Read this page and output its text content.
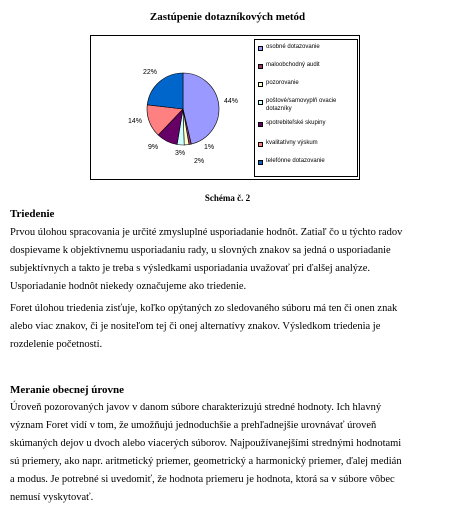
Zastúpenie dotazníkových metód
osobné dotazovanie
maloobchodný audit
pozorovanie
poštové/samovyplň ovacie dotazníky
spotrebiteľské skupiny
kvalitatívny výskum
telefónne dotazovanie
44%
1%
2%
3%
9%
14%
22%
Schéma č. 2
Triedenie
Prvou úlohou spracovania je určité zmysluplné usporiadanie hodnôt. Zatiaľ čo u týchto radov
dospievame k objektívnemu usporiadaniu rady, u slovných znakov sa jedná o usporiadanie
subjektívnych a takto je treba s výsledkami usporiadania uvažovať pri ďalšej analýze.
Usporiadanie hodnôt niekedy označujeme ako triedenie.
Foret úlohou triedenia zisťuje, koľko opýtaných zo sledovaného súboru má ten či onen znak
alebo viac znakov, či je nositeľom tej či onej alternatívy znakov. Výsledkom triedenia je
rozdelenie početností.
Meranie obecnej úrovne
Úroveň pozorovaných javov v danom súbore charakterizujú stredné hodnoty. Ich hlavný
význam Foret vidí v tom, že umožňujú jednoduchšie a prehľadnejšie urovnávať úroveň
skúmaných dejov u dvoch alebo viacerých súborov. Najpoužívanejšími strednými hodnotami
sú priemery, ako napr. aritmetický priemer, geometrický a harmonický priemer, ďalej medián
a modus. Je potrebné si uvedomiť, že hodnota priemeru je hodnota, ktorá sa v súbore vôbec
nemusí vyskytovať.
